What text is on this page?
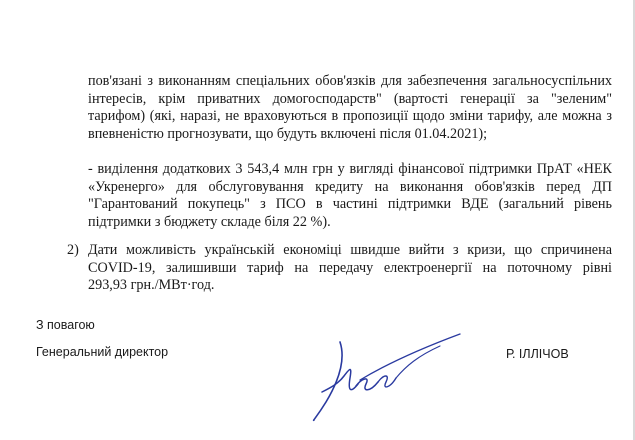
пов'язані з виконанням спеціальних обов'язків для забезпечення загальносуспільних
інтересів, крім приватних домогосподарств" (вартості генерації за "зеленим"
тарифом) (які, наразі, не враховуються в пропозиції щодо зміни тарифу, але можна з
впевненістю прогнозувати, що будуть включені після 01.04.2021);
- виділення додаткових 3 543,4 млн грн у вигляді фінансової підтримки ПрАТ «НЕК
«Укренерго» для обслуговування кредиту на виконання обов'язків перед ДП
"Гарантований покупець" з ПСО в частині підтримки ВДЕ (загальний рівень
підтримки з бюджету складе біля 22 %).
2) Дати можливість українській економіці швидше вийти з кризи, що спричинена
COVID-19, залишивши тариф на передачу електроенергії на поточному рівні
293,93 грн./МВт·год.
З повагою
Генеральний директор	Р. ІЛЛІЧОВ
